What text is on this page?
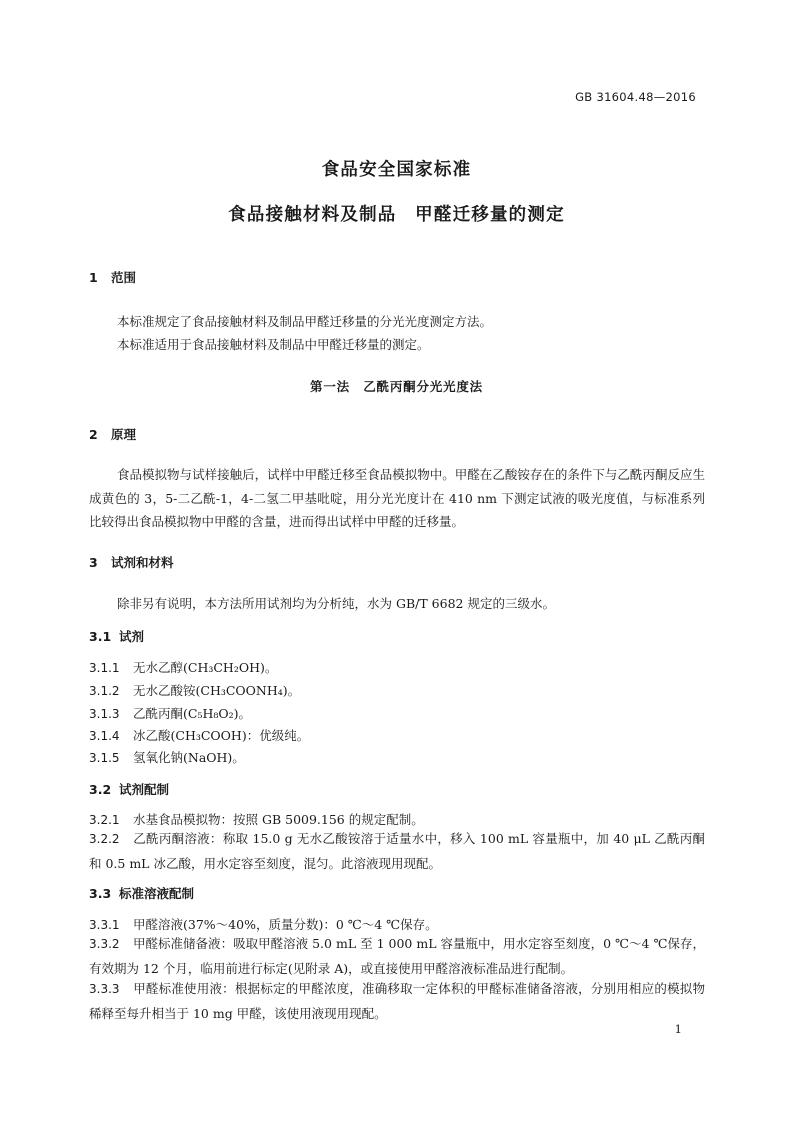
GB 31604.48—2016
食品安全国家标准
食品接触材料及制品　甲醛迁移量的测定
1 范围
本标准规定了食品接触材料及制品甲醛迁移量的分光光度测定方法。
本标准适用于食品接触材料及制品中甲醛迁移量的测定。
第一法　乙酰丙酮分光光度法
2 原理
食品模拟物与试样接触后，试样中甲醛迁移至食品模拟物中。甲醛在乙酸铵存在的条件下与乙酰丙酮反应生成黄色的 3，5-二乙酰-1，4-二氢二甲基吡啶，用分光光度计在 410 nm 下测定试液的吸光度值，与标准系列比较得出食品模拟物中甲醛的含量，进而得出试样中甲醛的迁移量。
3 试剂和材料
除非另有说明，本方法所用试剂均为分析纯，水为 GB/T 6682 规定的三级水。
3.1 试剂
3.1.1 无水乙醇(CH₃CH₂OH)。
3.1.2 无水乙酸铵(CH₃COONH₄)。
3.1.3 乙酰丙酮(C₅H₈O₂)。
3.1.4 冰乙酸(CH₃COOH)：优级纯。
3.1.5 氢氧化钠(NaOH)。
3.2 试剂配制
3.2.1 水基食品模拟物：按照 GB 5009.156 的规定配制。
3.2.2 乙酰丙酮溶液：称取 15.0 g 无水乙酸铵溶于适量水中，移入 100 mL 容量瓶中，加 40 μL 乙酰丙酮和 0.5 mL 冰乙酸，用水定容至刻度，混匀。此溶液现用现配。
3.3 标准溶液配制
3.3.1 甲醛溶液(37%～40%，质量分数)：0 ℃～4 ℃保存。
3.3.2 甲醛标准储备液：吸取甲醛溶液 5.0 mL 至 1 000 mL 容量瓶中，用水定容至刻度，0 ℃～4 ℃保存，有效期为 12 个月，临用前进行标定(见附录 A)，或直接使用甲醛溶液标准品进行配制。
3.3.3 甲醛标准使用液：根据标定的甲醛浓度，准确移取一定体积的甲醛标准储备溶液，分别用相应的模拟物稀释至每升相当于 10 mg 甲醛，该使用液现用现配。
1
